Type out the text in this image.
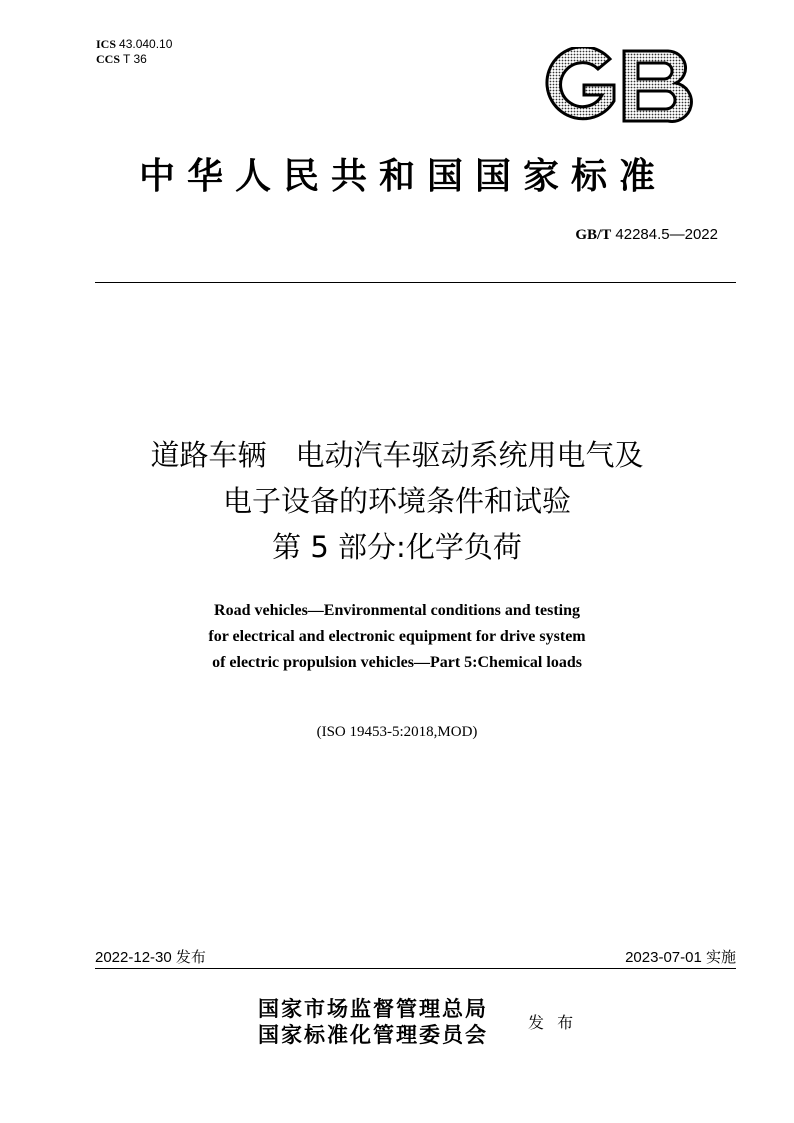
ICS 43.040.10
CCS T 36
中华人民共和国国家标准
GB/T 42284.5—2022
道路车辆　电动汽车驱动系统用电气及
电子设备的环境条件和试验
第 5 部分:化学负荷
Road vehicles—Environmental conditions and testing
for electrical and electronic equipment for drive system
of electric propulsion vehicles—Part 5:Chemical loads
(ISO 19453-5:2018,MOD)
2022-12-30 发布	2023-07-01 实施
国家市场监督管理总局
国家标准化管理委员会	发 布
